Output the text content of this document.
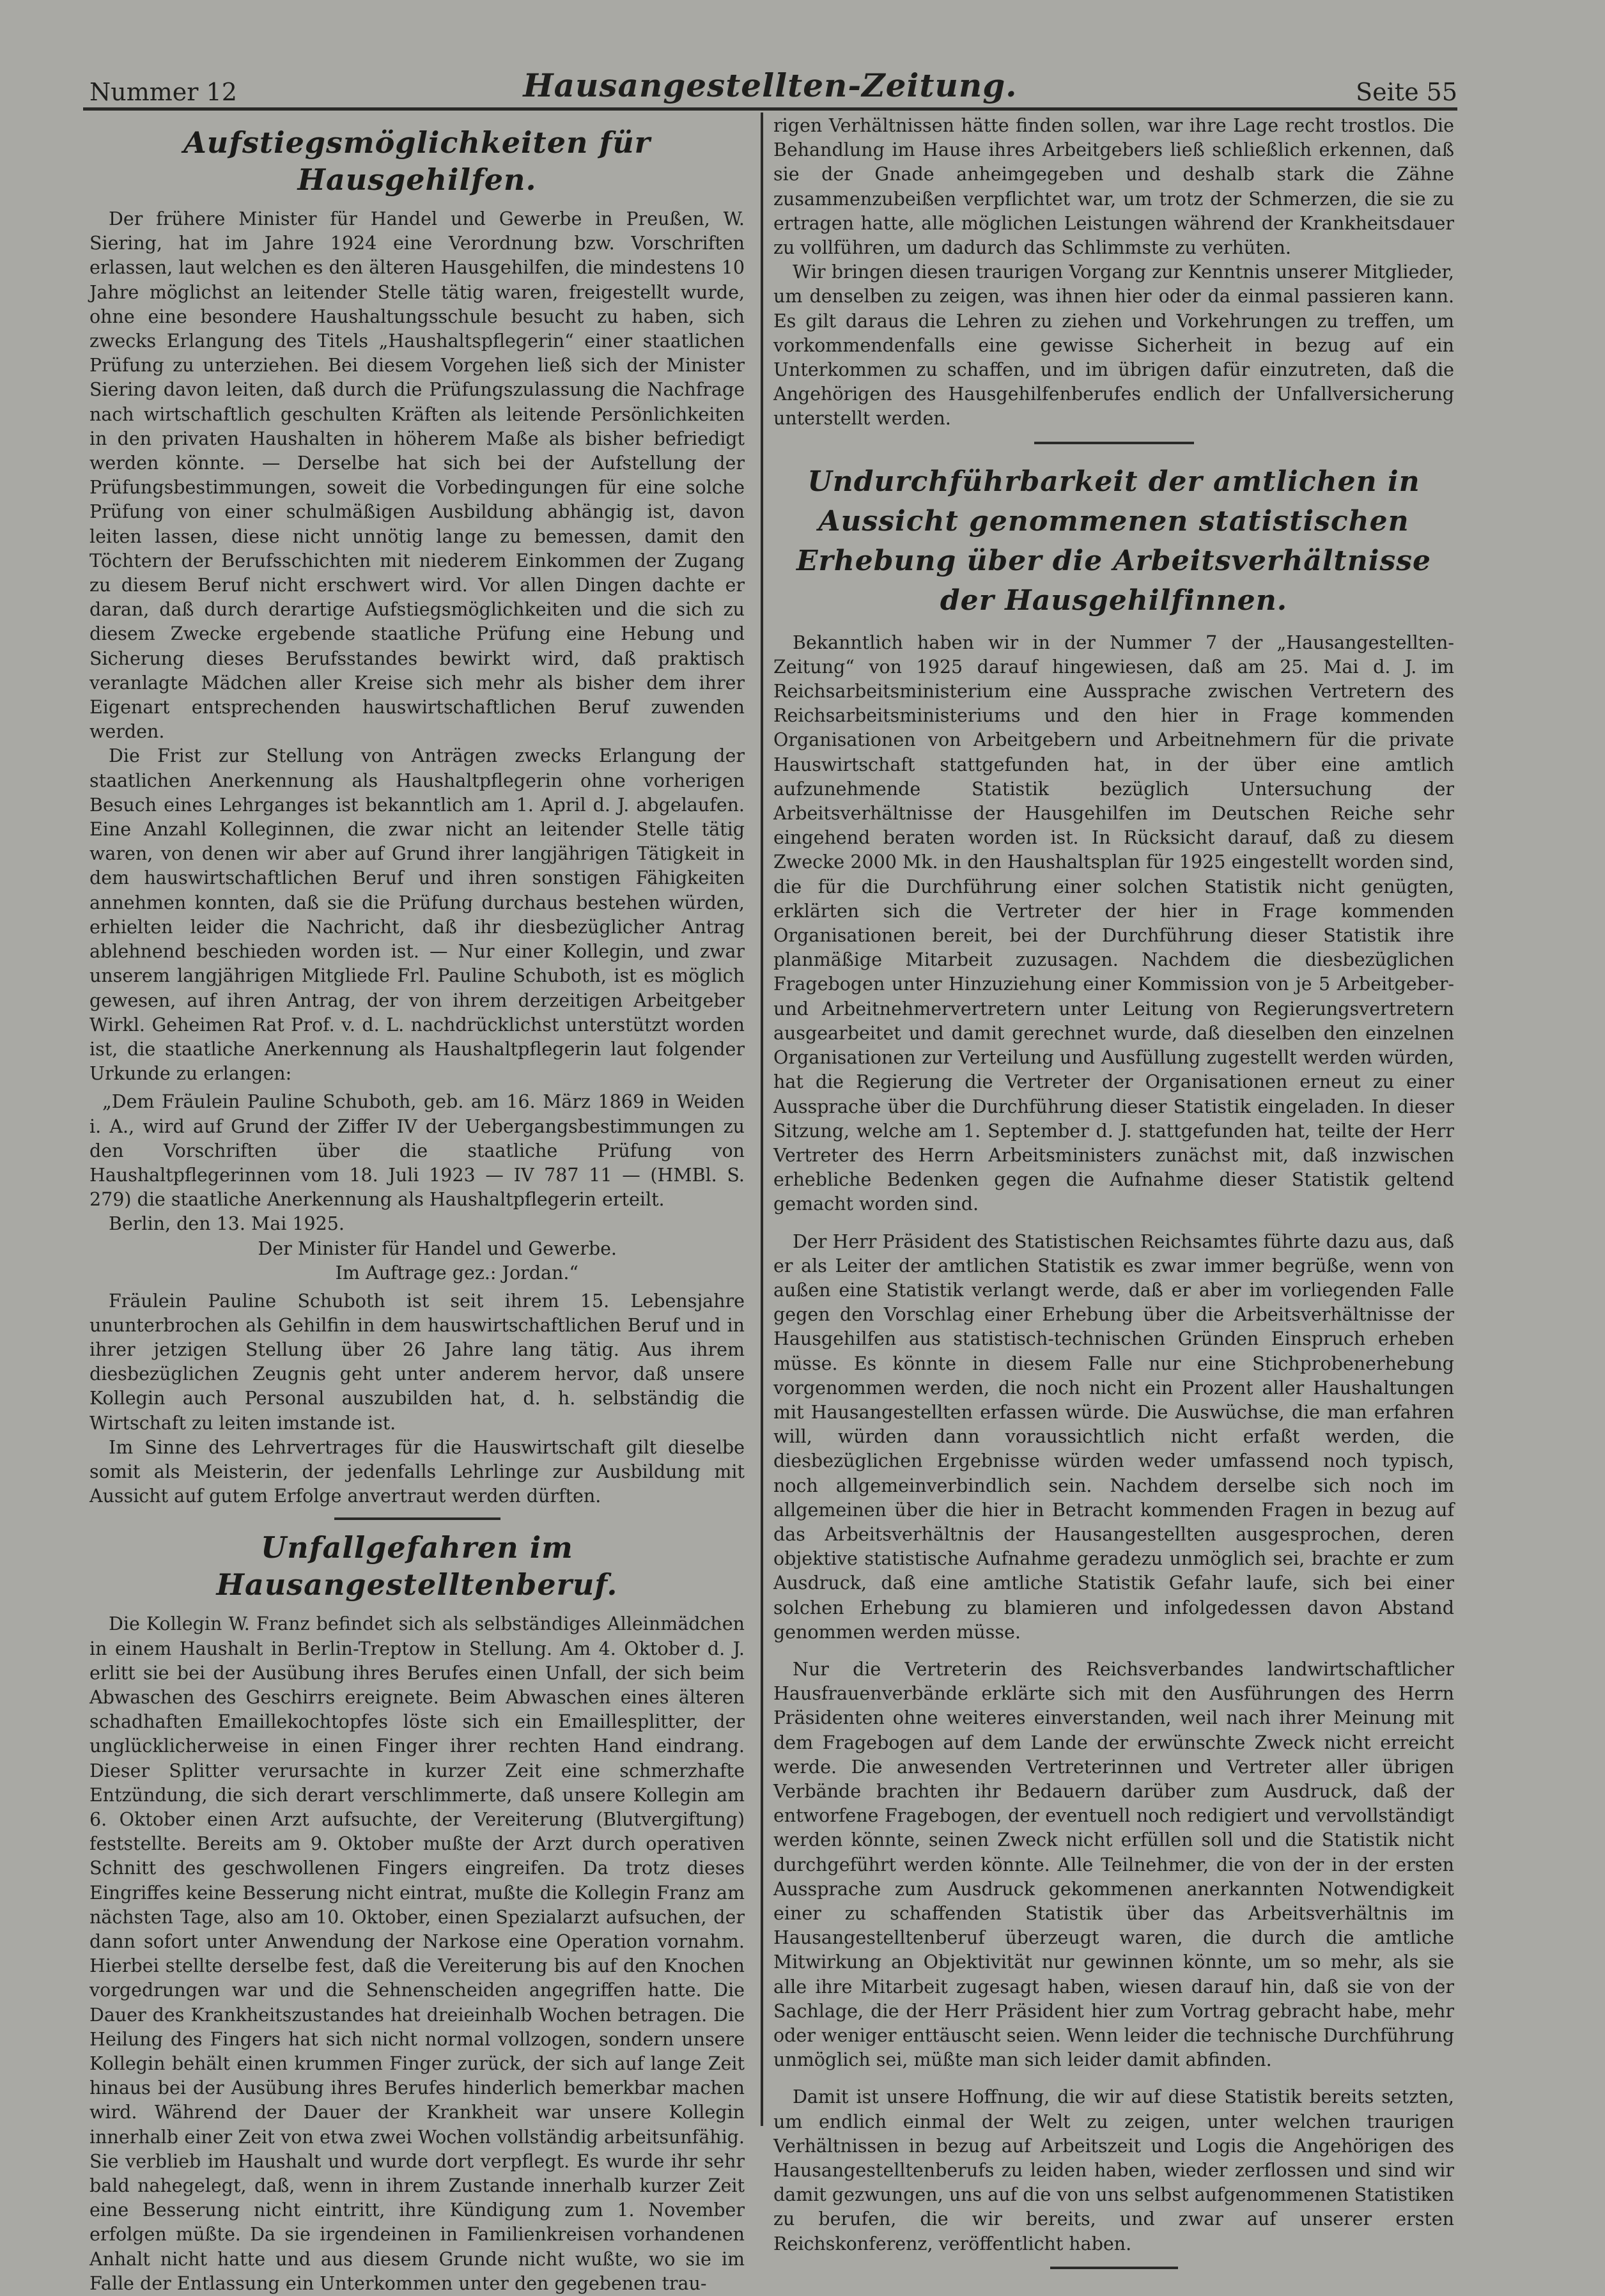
Nummer 12	Hausangestellten-Zeitung.	Seite 55
Aufstiegsmöglichkeiten für Hausgehilfen.

Der frühere Minister für Handel und Gewerbe in Preußen, W. Siering, hat im Jahre 1924 eine Verordnung bzw. Vorschriften erlassen, laut welchen es den älteren Hausgehilfen, die mindestens 10 Jahre möglichst an leitender Stelle tätig waren, freigestellt wurde, ohne eine besondere Haushaltungsschule besucht zu haben, sich zwecks Erlangung des Titels „Haushaltspflegerin“ einer staatlichen Prüfung zu unterziehen. Bei diesem Vorgehen ließ sich der Minister Siering davon leiten, daß durch die Prüfungszulassung die Nachfrage nach wirtschaftlich geschulten Kräften als leitende Persönlichkeiten in den privaten Haushalten in höherem Maße als bisher befriedigt werden könnte. — Derselbe hat sich bei der Aufstellung der Prüfungsbestimmungen, soweit die Vorbedingungen für eine solche Prüfung von einer schulmäßigen Ausbildung abhängig ist, davon leiten lassen, diese nicht unnötig lange zu bemessen, damit den Töchtern der Berufsschichten mit niederem Einkommen der Zugang zu diesem Beruf nicht erschwert wird. Vor allen Dingen dachte er daran, daß durch derartige Aufstiegsmöglichkeiten und die sich zu diesem Zwecke ergebende staatliche Prüfung eine Hebung und Sicherung dieses Berufsstandes bewirkt wird, daß praktisch veranlagte Mädchen aller Kreise sich mehr als bisher dem ihrer Eigenart entsprechenden hauswirtschaftlichen Beruf zuwenden werden.

Die Frist zur Stellung von Anträgen zwecks Erlangung der staatlichen Anerkennung als Haushaltpflegerin ohne vorherigen Besuch eines Lehrganges ist bekanntlich am 1. April d. J. abgelaufen. Eine Anzahl Kolleginnen, die zwar nicht an leitender Stelle tätig waren, von denen wir aber auf Grund ihrer langjährigen Tätigkeit in dem hauswirtschaftlichen Beruf und ihren sonstigen Fähigkeiten annehmen konnten, daß sie die Prüfung durchaus bestehen würden, erhielten leider die Nachricht, daß ihr diesbezüglicher Antrag ablehnend beschieden worden ist. — Nur einer Kollegin, und zwar unserem langjährigen Mitgliede Frl. Pauline Schuboth, ist es möglich gewesen, auf ihren Antrag, der von ihrem derzeitigen Arbeitgeber Wirkl. Geheimen Rat Prof. v. d. L. nachdrücklichst unterstützt worden ist, die staatliche Anerkennung als Haushaltpflegerin laut folgender Urkunde zu erlangen:

„Dem Fräulein Pauline Schuboth, geb. am 16. März 1869 in Weiden i. A., wird auf Grund der Ziffer IV der Uebergangsbestimmungen zu den Vorschriften über die staatliche Prüfung von Haushaltpflegerinnen vom 18. Juli 1923 — IV 787 11 — (HMBl. S. 279) die staatliche Anerkennung als Haushaltpflegerin erteilt.

Berlin, den 13. Mai 1925.

Der Minister für Handel und Gewerbe.

Im Auftrage gez.: Jordan.“

Fräulein Pauline Schuboth ist seit ihrem 15. Lebensjahre ununterbrochen als Gehilfin in dem hauswirtschaftlichen Beruf und in ihrer jetzigen Stellung über 26 Jahre lang tätig. Aus ihrem diesbezüglichen Zeugnis geht unter anderem hervor, daß unsere Kollegin auch Personal auszubilden hat, d. h. selbständig die Wirtschaft zu leiten imstande ist.

Im Sinne des Lehrvertrages für die Hauswirtschaft gilt dieselbe somit als Meisterin, der jedenfalls Lehrlinge zur Ausbildung mit Aussicht auf gutem Erfolge anvertraut werden dürften.

Unfallgefahren im Hausangestelltenberuf.

Die Kollegin W. Franz befindet sich als selbständiges Alleinmädchen in einem Haushalt in Berlin-Treptow in Stellung. Am 4. Oktober d. J. erlitt sie bei der Ausübung ihres Berufes einen Unfall, der sich beim Abwaschen des Geschirrs ereignete. Beim Abwaschen eines älteren schadhaften Emaillekochtopfes löste sich ein Emaillesplitter, der unglücklicherweise in einen Finger ihrer rechten Hand eindrang. Dieser Splitter verursachte in kurzer Zeit eine schmerzhafte Entzündung, die sich derart verschlimmerte, daß unsere Kollegin am 6. Oktober einen Arzt aufsuchte, der Vereiterung (Blutvergiftung) feststellte. Bereits am 9. Oktober mußte der Arzt durch operativen Schnitt des geschwollenen Fingers eingreifen. Da trotz dieses Eingriffes keine Besserung nicht eintrat, mußte die Kollegin Franz am nächsten Tage, also am 10. Oktober, einen Spezialarzt aufsuchen, der dann sofort unter Anwendung der Narkose eine Operation vornahm. Hierbei stellte derselbe fest, daß die Vereiterung bis auf den Knochen vorgedrungen war und die Sehnenscheiden angegriffen hatte. Die Dauer des Krankheitszustandes hat dreieinhalb Wochen betragen. Die Heilung des Fingers hat sich nicht normal vollzogen, sondern unsere Kollegin behält einen krummen Finger zurück, der sich auf lange Zeit hinaus bei der Ausübung ihres Berufes hinderlich bemerkbar machen wird. Während der Dauer der Krankheit war unsere Kollegin innerhalb einer Zeit von etwa zwei Wochen vollständig arbeitsunfähig. Sie verblieb im Haushalt und wurde dort verpflegt. Es wurde ihr sehr bald nahegelegt, daß, wenn in ihrem Zustande innerhalb kurzer Zeit eine Besserung nicht eintritt, ihre Kündigung zum 1. November erfolgen müßte. Da sie irgendeinen in Familienkreisen vorhandenen Anhalt nicht hatte und aus diesem Grunde nicht wußte, wo sie im Falle der Entlassung ein Unterkommen unter den gegebenen trau-

rigen Verhältnissen hätte finden sollen, war ihre Lage recht trostlos. Die Behandlung im Hause ihres Arbeitgebers ließ schließlich erkennen, daß sie der Gnade anheimgegeben und deshalb stark die Zähne zusammenzubeißen verpflichtet war, um trotz der Schmerzen, die sie zu ertragen hatte, alle möglichen Leistungen während der Krankheitsdauer zu vollführen, um dadurch das Schlimmste zu verhüten.

Wir bringen diesen traurigen Vorgang zur Kenntnis unserer Mitglieder, um denselben zu zeigen, was ihnen hier oder da einmal passieren kann. Es gilt daraus die Lehren zu ziehen und Vorkehrungen zu treffen, um vorkommendenfalls eine gewisse Sicherheit in bezug auf ein Unterkommen zu schaffen, und im übrigen dafür einzutreten, daß die Angehörigen des Hausgehilfenberufes endlich der Unfallversicherung unterstellt werden.

Undurchführbarkeit der amtlichen in Aussicht genommenen statistischen Erhebung über die Arbeitsverhältnisse der Hausgehilfinnen.

Bekanntlich haben wir in der Nummer 7 der „Hausangestellten-Zeitung“ von 1925 darauf hingewiesen, daß am 25. Mai d. J. im Reichsarbeitsministerium eine Aussprache zwischen Vertretern des Reichsarbeitsministeriums und den hier in Frage kommenden Organisationen von Arbeitgebern und Arbeitnehmern für die private Hauswirtschaft stattgefunden hat, in der über eine amtlich aufzunehmende Statistik bezüglich Untersuchung der Arbeitsverhältnisse der Hausgehilfen im Deutschen Reiche sehr eingehend beraten worden ist. In Rücksicht darauf, daß zu diesem Zwecke 2000 Mk. in den Haushaltsplan für 1925 eingestellt worden sind, die für die Durchführung einer solchen Statistik nicht genügten, erklärten sich die Vertreter der hier in Frage kommenden Organisationen bereit, bei der Durchführung dieser Statistik ihre planmäßige Mitarbeit zuzusagen. Nachdem die diesbezüglichen Fragebogen unter Hinzuziehung einer Kommission von je 5 Arbeitgeber- und Arbeitnehmervertretern unter Leitung von Regierungsvertretern ausgearbeitet und damit gerechnet wurde, daß dieselben den einzelnen Organisationen zur Verteilung und Ausfüllung zugestellt werden würden, hat die Regierung die Vertreter der Organisationen erneut zu einer Aussprache über die Durchführung dieser Statistik eingeladen. In dieser Sitzung, welche am 1. September d. J. stattgefunden hat, teilte der Herr Vertreter des Herrn Arbeitsministers zunächst mit, daß inzwischen erhebliche Bedenken gegen die Aufnahme dieser Statistik geltend gemacht worden sind.

Der Herr Präsident des Statistischen Reichsamtes führte dazu aus, daß er als Leiter der amtlichen Statistik es zwar immer begrüße, wenn von außen eine Statistik verlangt werde, daß er aber im vorliegenden Falle gegen den Vorschlag einer Erhebung über die Arbeitsverhältnisse der Hausgehilfen aus statistisch-technischen Gründen Einspruch erheben müsse. Es könnte in diesem Falle nur eine Stichprobenerhebung vorgenommen werden, die noch nicht ein Prozent aller Haushaltungen mit Hausangestellten erfassen würde. Die Auswüchse, die man erfahren will, würden dann voraussichtlich nicht erfaßt werden, die diesbezüglichen Ergebnisse würden weder umfassend noch typisch, noch allgemeinverbindlich sein. Nachdem derselbe sich noch im allgemeinen über die hier in Betracht kommenden Fragen in bezug auf das Arbeitsverhältnis der Hausangestellten ausgesprochen, deren objektive statistische Aufnahme geradezu unmöglich sei, brachte er zum Ausdruck, daß eine amtliche Statistik Gefahr laufe, sich bei einer solchen Erhebung zu blamieren und infolgedessen davon Abstand genommen werden müsse.

Nur die Vertreterin des Reichsverbandes landwirtschaftlicher Hausfrauenverbände erklärte sich mit den Ausführungen des Herrn Präsidenten ohne weiteres einverstanden, weil nach ihrer Meinung mit dem Fragebogen auf dem Lande der erwünschte Zweck nicht erreicht werde. Die anwesenden Vertreterinnen und Vertreter aller übrigen Verbände brachten ihr Bedauern darüber zum Ausdruck, daß der entworfene Fragebogen, der eventuell noch redigiert und vervollständigt werden könnte, seinen Zweck nicht erfüllen soll und die Statistik nicht durchgeführt werden könnte. Alle Teilnehmer, die von der in der ersten Aussprache zum Ausdruck gekommenen anerkannten Notwendigkeit einer zu schaffenden Statistik über das Arbeitsverhältnis im Hausangestelltenberuf überzeugt waren, die durch die amtliche Mitwirkung an Objektivität nur gewinnen könnte, um so mehr, als sie alle ihre Mitarbeit zugesagt haben, wiesen darauf hin, daß sie von der Sachlage, die der Herr Präsident hier zum Vortrag gebracht habe, mehr oder weniger enttäuscht seien. Wenn leider die technische Durchführung unmöglich sei, müßte man sich leider damit abfinden.

Damit ist unsere Hoffnung, die wir auf diese Statistik bereits setzten, um endlich einmal der Welt zu zeigen, unter welchen traurigen Verhältnissen in bezug auf Arbeitszeit und Logis die Angehörigen des Hausangestelltenberufs zu leiden haben, wieder zerflossen und sind wir damit gezwungen, uns auf die von uns selbst aufgenommenen Statistiken zu berufen, die wir bereits, und zwar auf unserer ersten Reichskonferenz, veröffentlicht haben.
